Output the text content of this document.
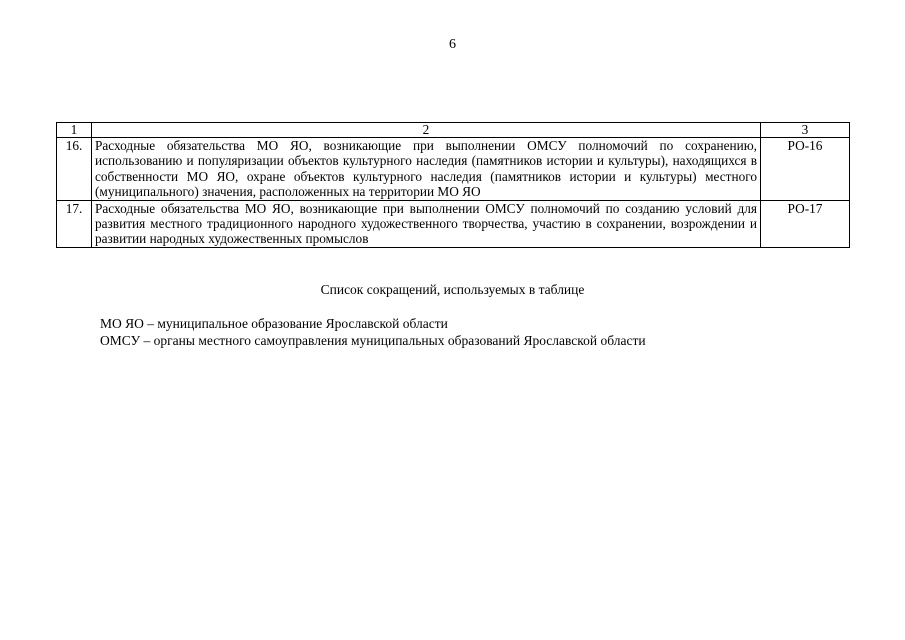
6
1	2	3
16.	Расходные обязательства МО ЯО, возникающие при выполнении ОМСУ полномочий по сохранению, использованию и популяризации объектов культурного наследия (памятников истории и культуры), находящихся в собственности МО ЯО, охране объектов культурного наследия (памятников истории и культуры) местного (муниципального) значения, расположенных на территории МО ЯО	РО-16
17.	Расходные обязательства МО ЯО, возникающие при выполнении ОМСУ полномочий по созданию условий для развития местного традиционного народного художественного творчества, участию в сохранении, возрождении и развитии народных художественных промыслов	РО-17
Список сокращений, используемых в таблице
МО ЯО – муниципальное образование Ярославской области
ОМСУ – органы местного самоуправления муниципальных образований Ярославской области
